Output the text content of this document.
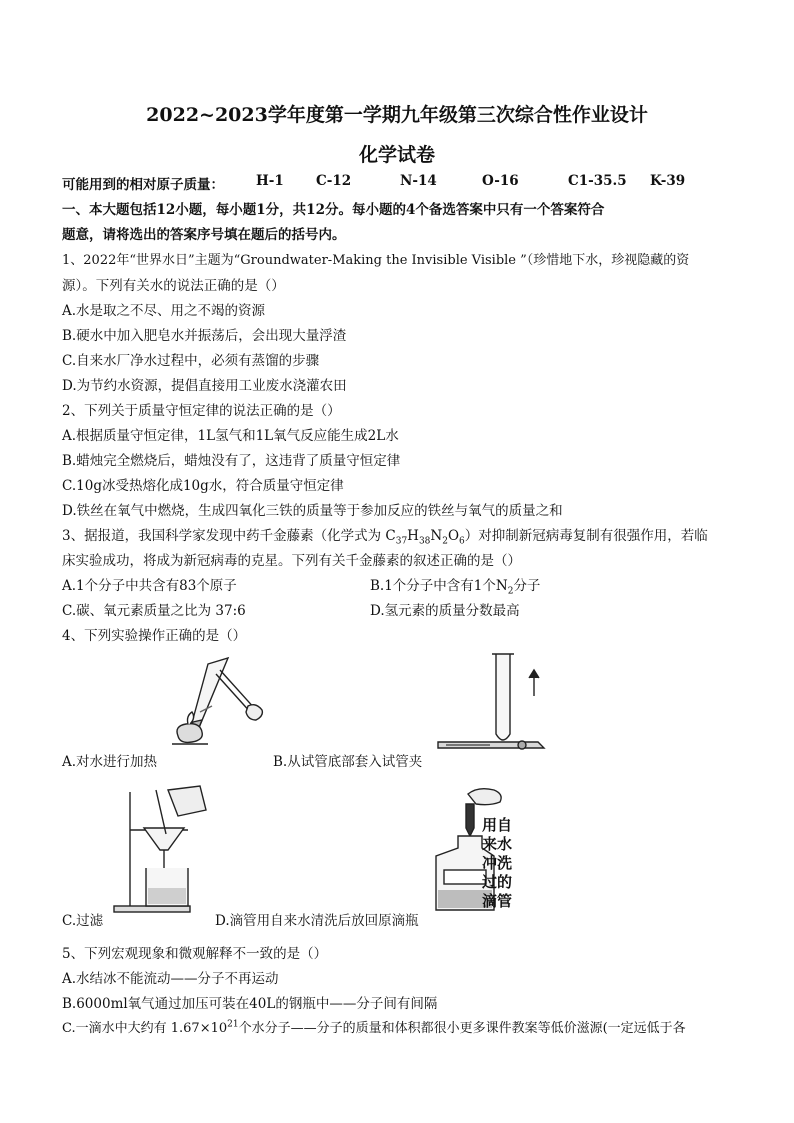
2022~2023学年度第一学期九年级第三次综合性作业设计
化学试卷
可能用到的相对原子质量： H-1 C-12	N-14	O-16	C1-35.5 K-39
一、本大题包括12小题，每小题1分，共12分。每小题的4个备选答案中只有一个答案符合
题意，请将选出的答案序号填在题后的括号内。
1、2022年“世界水日”主题为“Groundwater-Making the Invisible Visible ”（珍惜地下水，珍视隐藏的资
源）。下列有关水的说法正确的是（）
A.水是取之不尽、用之不竭的资源
B.硬水中加入肥皂水并振荡后，会出现大量浮渣
C.自来水厂净水过程中，必须有蒸馏的步骤
D.为节约水资源，提倡直接用工业废水浇灌农田
2、下列关于质量守恒定律的说法正确的是（）
A.根据质量守恒定律，1L氢气和1L氧气反应能生成2L水
B.蜡烛完全燃烧后，蜡烛没有了，这违背了质量守恒定律
C.10g冰受热熔化成10g水，符合质量守恒定律
D.铁丝在氧气中燃烧，生成四氧化三铁的质量等于参加反应的铁丝与氧气的质量之和
3、据报道，我国科学家发现中药千金藤素（化学式为 $C_{37}H_{38}N_2O_6$）对抑制新冠病毒复制有很强作用，若临
床实验成功，将成为新冠病毒的克星。下列有关千金藤素的叙述正确的是（）
A.1个分子中共含有83个原子	B.1个分子中含有1个$N_2$分子
C.碳、氧元素质量之比为 37:6	D.氢元素的质量分数最高
4、下列实验操作正确的是（）
A.对水进行加热	B.从试管底部套入试管夹
C.过滤
用自
来水
冲洗
过的
滴管
D.滴管用自来水清洗后放回原滴瓶
5、下列宏观现象和微观解释不一致的是（）
A.水结冰不能流动——分子不再运动
B.6000ml氧气通过加压可装在40L的钢瓶中——分子间有间隔
C.一滴水中大约有 $1.67\times 10^{21}$个水分子——分子的质量和体积都很小更多课件教案等低价滋源(一定远低于各
